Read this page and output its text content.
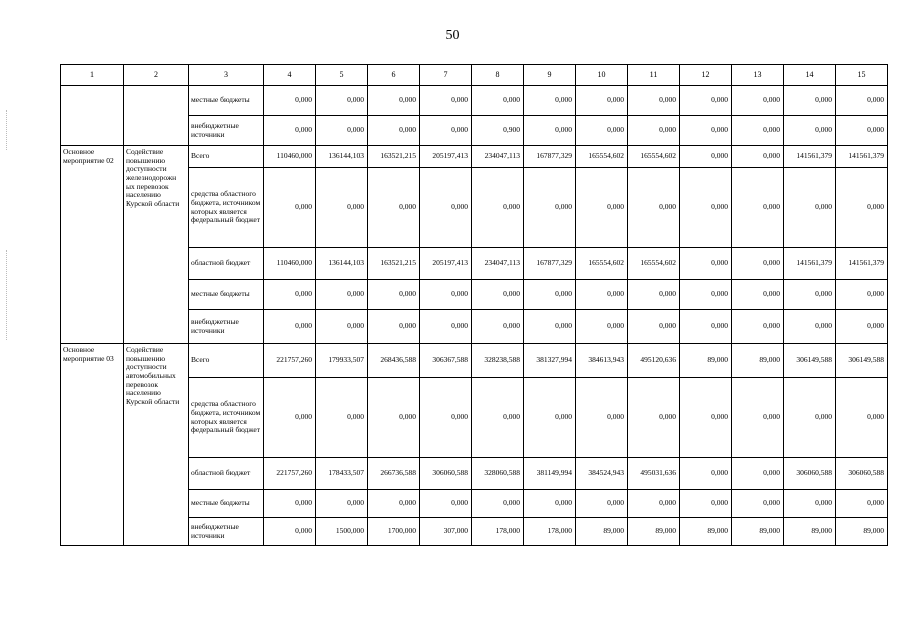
50
1	2	3	4	5	6	7	8	9	10	11	12	13	14	15
		местные бюджеты	0,000	0,000	0,000	0,000	0,000	0,000	0,000	0,000	0,000	0,000	0,000	0,000
		внебюджетные источники	0,000	0,000	0,000	0,000	0,900	0,000	0,000	0,000	0,000	0,000	0,000	0,000
Основное мероприятие 02	Содействие повышению доступности железнодорожн ых перевозок населению Курской области	Всего	110460,000	136144,103	163521,215	205197,413	234047,113	167877,329	165554,602	165554,602	0,000	0,000	141561,379	141561,379
		средства областного бюджета, источником которых является федеральный бюджет	0,000	0,000	0,000	0,000	0,000	0,000	0,000	0,000	0,000	0,000	0,000	0,000
		областной бюджет	110460,000	136144,103	163521,215	205197,413	234047,113	167877,329	165554,602	165554,602	0,000	0,000	141561,379	141561,379
		местные бюджеты	0,000	0,000	0,000	0,000	0,000	0,000	0,000	0,000	0,000	0,000	0,000	0,000
		внебюджетные источники	0,000	0,000	0,000	0,000	0,000	0,000	0,000	0,000	0,000	0,000	0,000	0,000
Основное мероприятие 03	Содействие повышению доступности автомобильных перевозок населению Курской области	Всего	221757,260	179933,507	268436,588	306367,588	328238,588	381327,994	384613,943	495120,636	89,000	89,000	306149,588	306149,588
		средства областного бюджета, источником которых является федеральный бюджет	0,000	0,000	0,000	0,000	0,000	0,000	0,000	0,000	0,000	0,000	0,000	0,000
		областной бюджет	221757,260	178433,507	266736,588	306060,588	328060,588	381149,994	384524,943	495031,636	0,000	0,000	306060,588	306060,588
		местные бюджеты	0,000	0,000	0,000	0,000	0,000	0,000	0,000	0,000	0,000	0,000	0,000	0,000
		внебюджетные источники	0,000	1500,000	1700,000	307,000	178,000	178,000	89,000	89,000	89,000	89,000	89,000	89,000
